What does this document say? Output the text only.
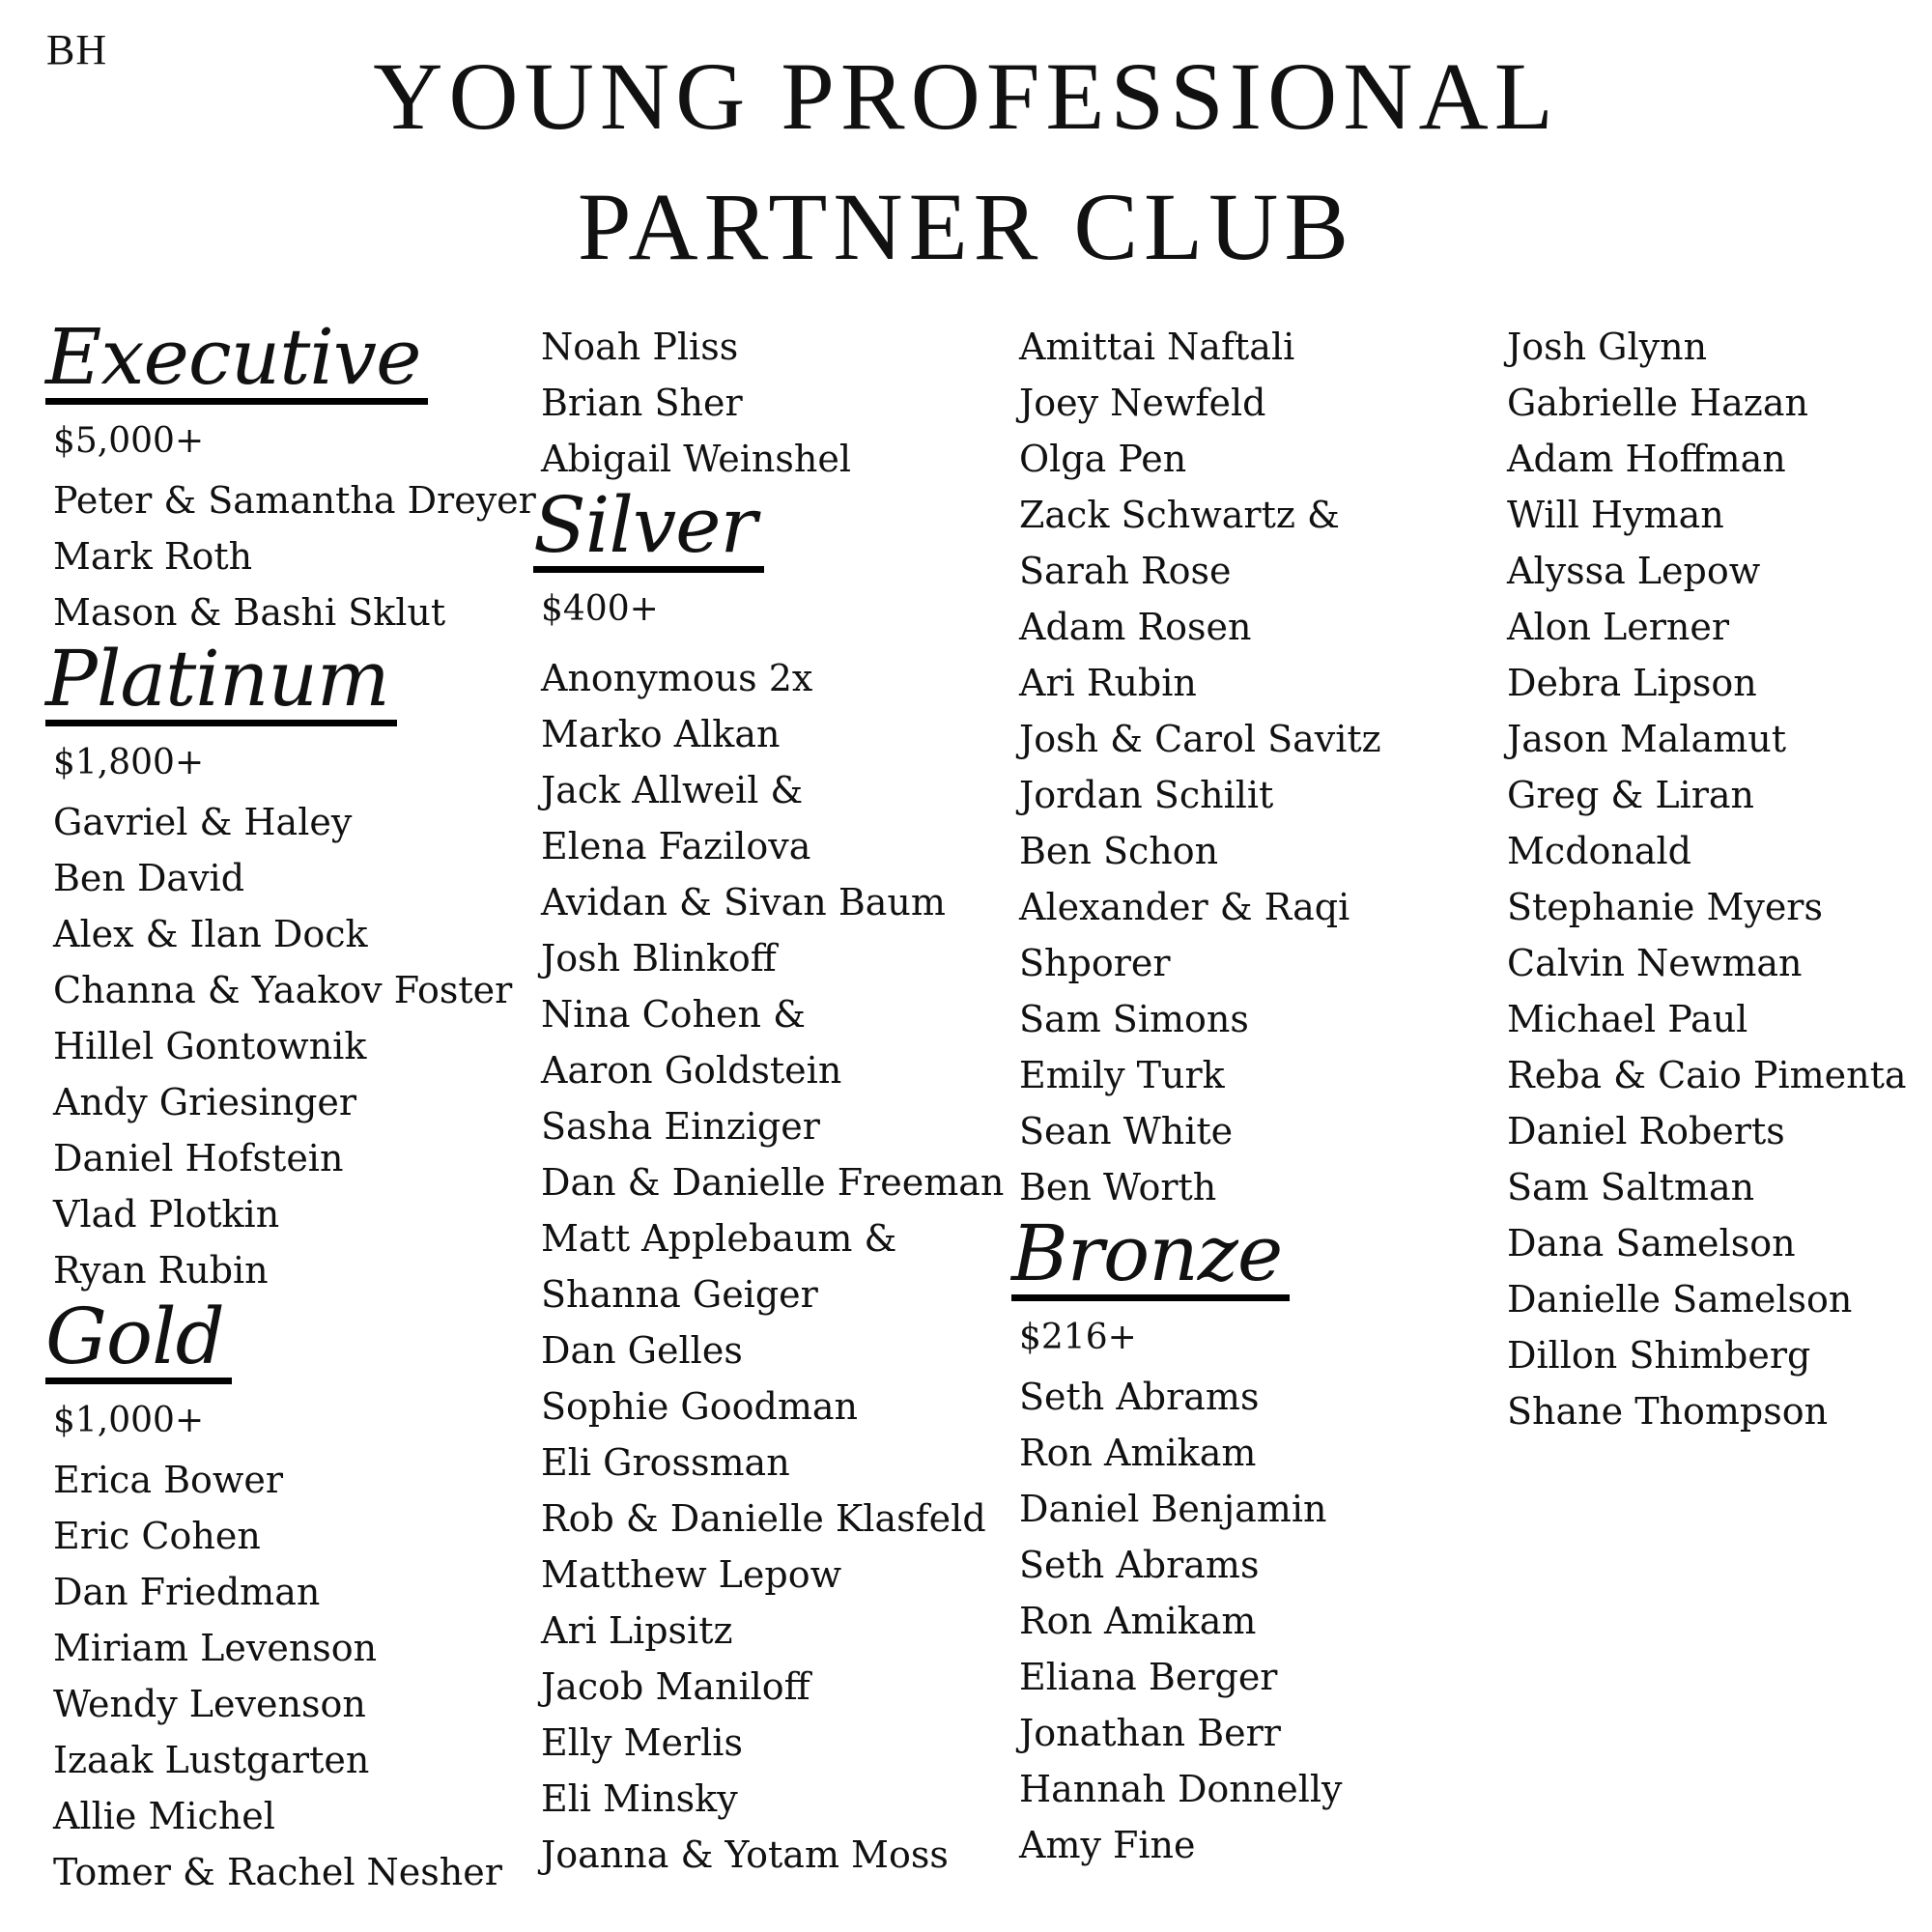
BH	YOUNG PROFESSIONAL
PARTNER CLUB
Executive
$5,000+
Peter & Samantha Dreyer
Mark Roth
Mason & Bashi Sklut
Platinum
$1,800+
Gavriel & Haley
Ben David
Alex & Ilan Dock
Channa & Yaakov Foster
Hillel Gontownik
Andy Griesinger
Daniel Hofstein
Vlad Plotkin
Ryan Rubin
Gold
$1,000+
Erica Bower
Eric Cohen
Dan Friedman
Miriam Levenson
Wendy Levenson
Izaak Lustgarten
Allie Michel
Tomer & Rachel Nesher
Noah Pliss
Brian Sher
Abigail Weinshel
Silver
$400+
Anonymous 2x
Marko Alkan
Jack Allweil &
Elena Fazilova
Avidan & Sivan Baum
Josh Blinkoff
Nina Cohen &
Aaron Goldstein
Sasha Einziger
Dan & Danielle Freeman
Matt Applebaum &
Shanna Geiger
Dan Gelles
Sophie Goodman
Eli Grossman
Rob & Danielle Klasfeld
Matthew Lepow
Ari Lipsitz
Jacob Maniloff
Elly Merlis
Eli Minsky
Joanna & Yotam Moss
Amittai Naftali
Joey Newfeld
Olga Pen
Zack Schwartz &
Sarah Rose
Adam Rosen
Ari Rubin
Josh & Carol Savitz
Jordan Schilit
Ben Schon
Alexander & Raqi
Shporer
Sam Simons
Emily Turk
Sean White
Ben Worth
Bronze
$216+
Seth Abrams
Ron Amikam
Daniel Benjamin
Seth Abrams
Ron Amikam
Eliana Berger
Jonathan Berr
Hannah Donnelly
Amy Fine
Josh Glynn
Gabrielle Hazan
Adam Hoffman
Will Hyman
Alyssa Lepow
Alon Lerner
Debra Lipson
Jason Malamut
Greg & Liran
Mcdonald
Stephanie Myers
Calvin Newman
Michael Paul
Reba & Caio Pimenta
Daniel Roberts
Sam Saltman
Dana Samelson
Danielle Samelson
Dillon Shimberg
Shane Thompson
